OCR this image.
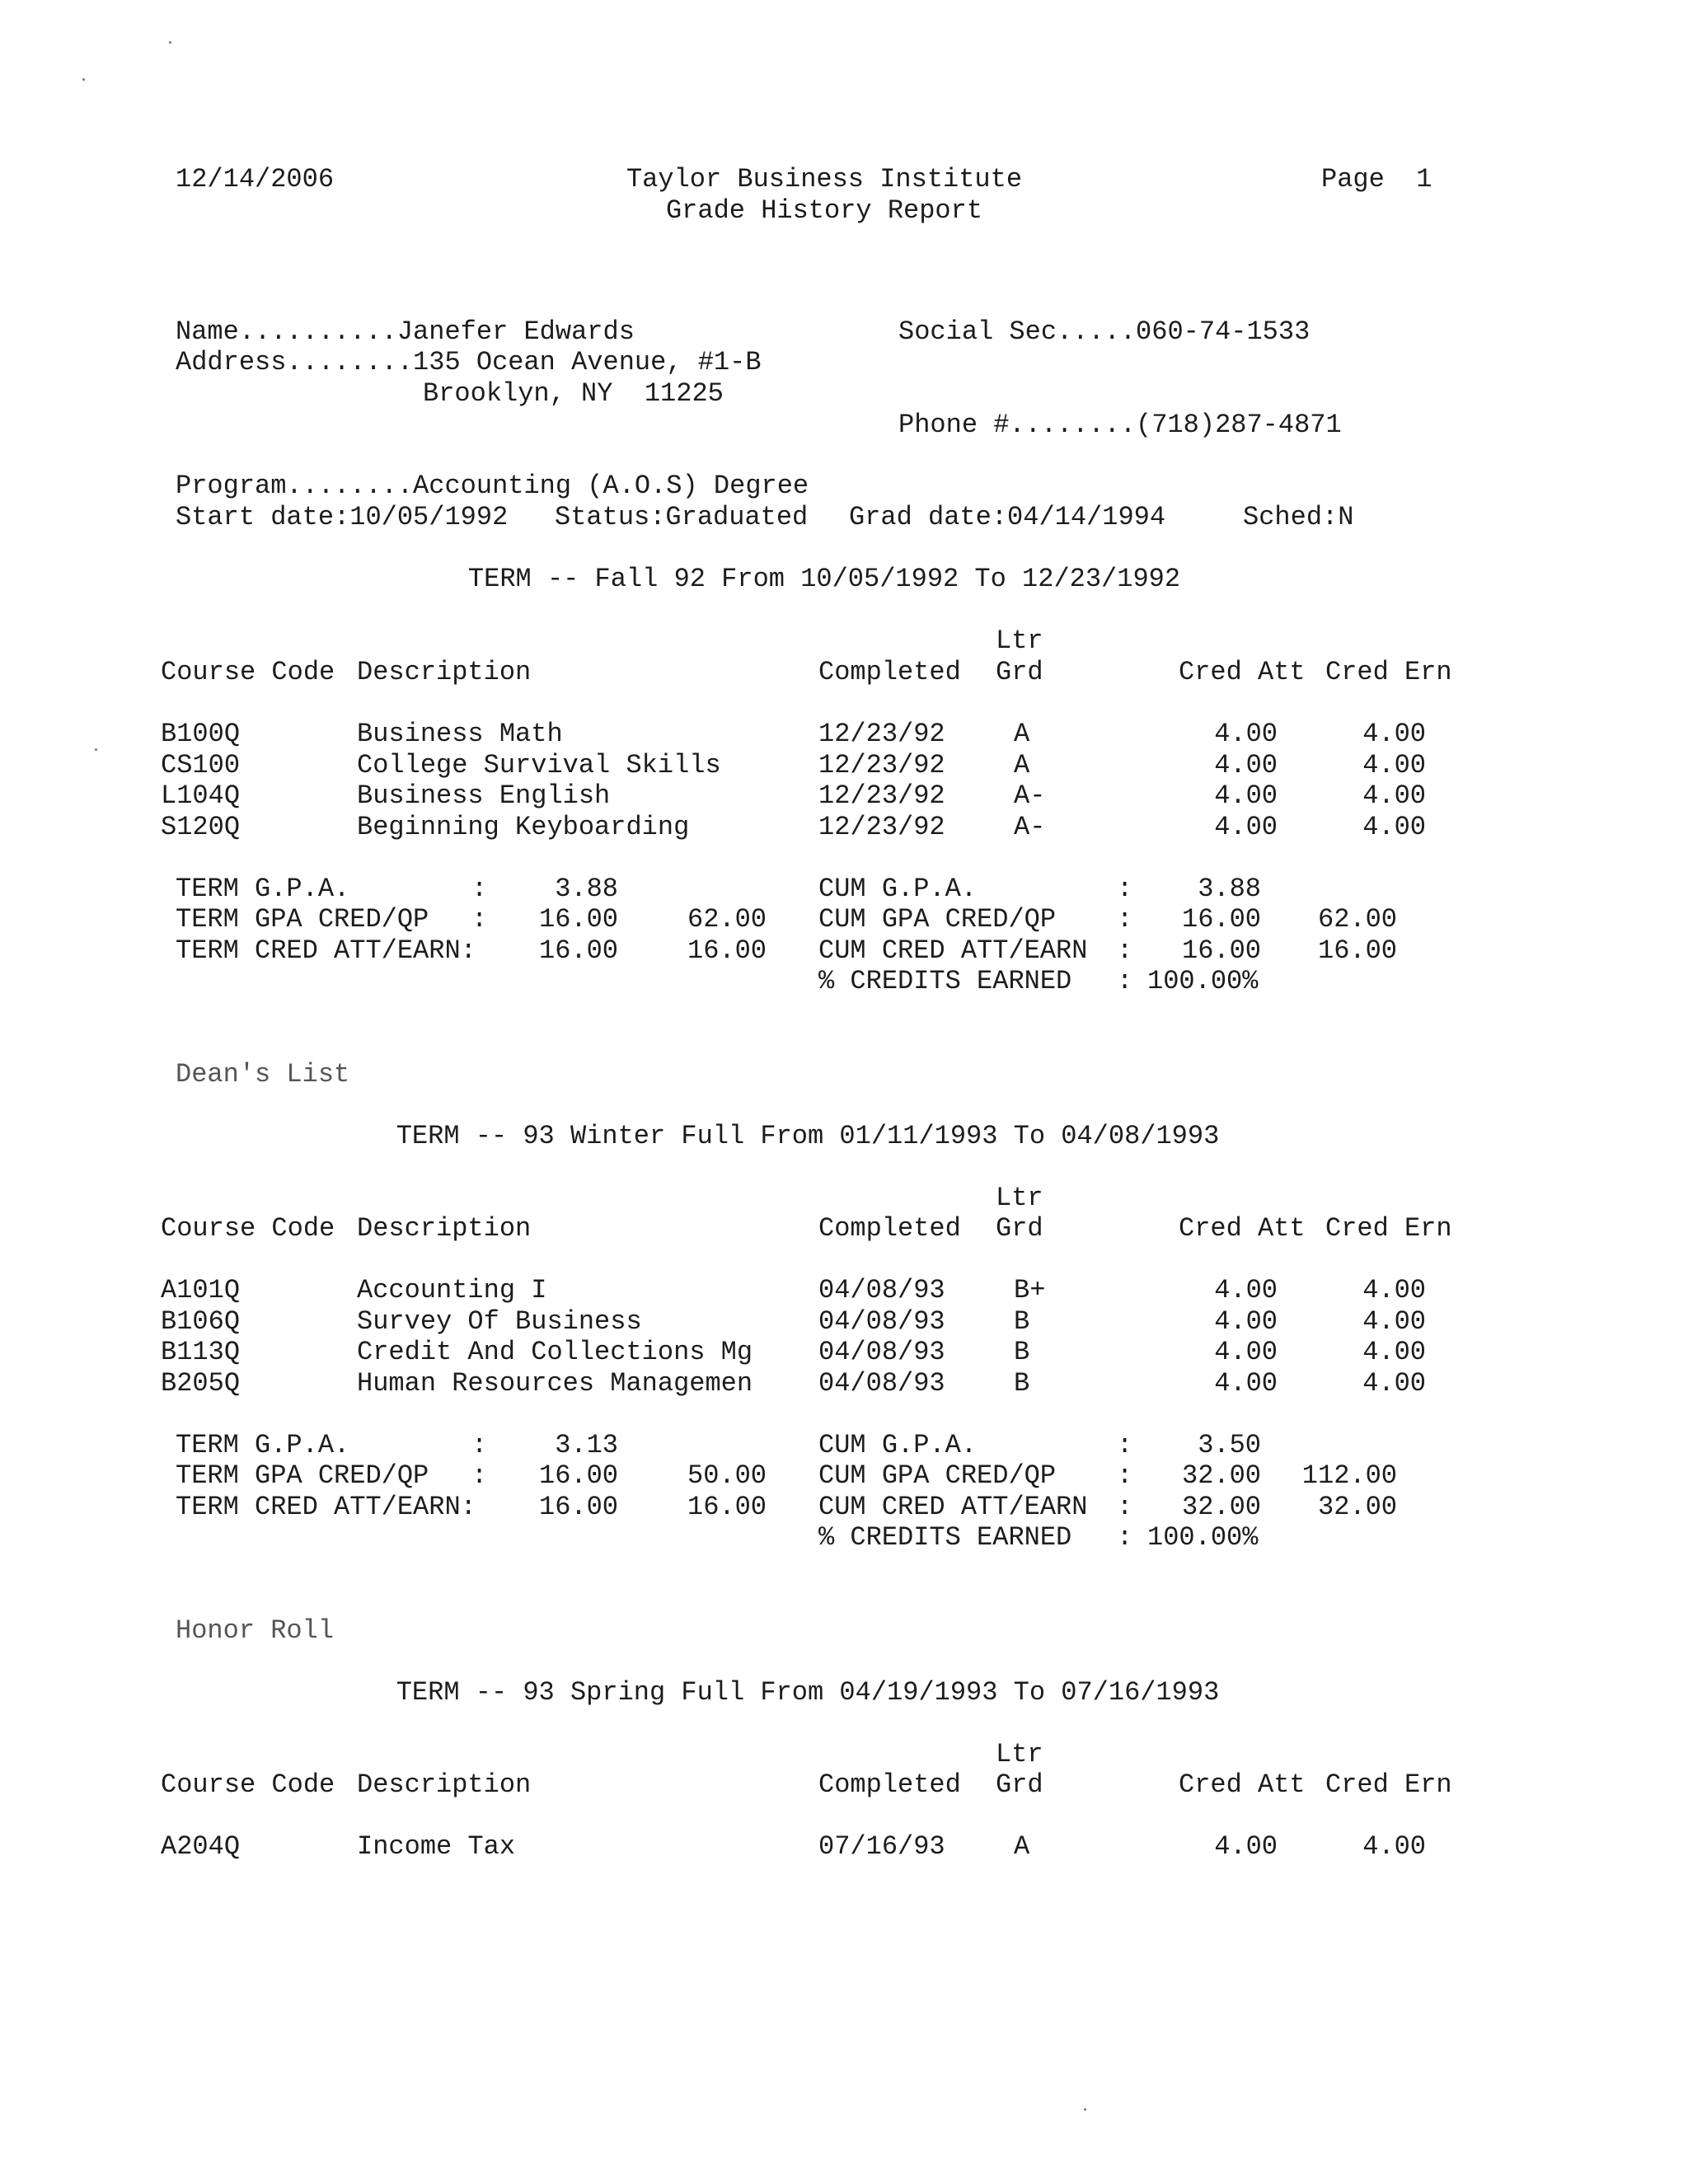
12/14/2006	Taylor Business Institute
Grade History Report
Page  1
Name..........Janefer Edwards	Social Sec.....060-74-1533
Address........135 Ocean Avenue, #1-B
Brooklyn, NY  11225
Phone #........(718)287-4871
Program........Accounting (A.O.S) Degree
Start date:10/05/1992 Status:Graduated Grad date:04/14/1994	Sched:N
TERM -- Fall 92 From 10/05/1992 To 12/23/1992
Ltr
Course Code Description	Completed Grd	Cred Att Cred Ern
B100Q	Business Math	12/23/92	A	4.00	4.00
CS100	College Survival Skills	12/23/92	A	4.00	4.00
L104Q	Business English	12/23/92	A-	4.00	4.00
S120Q	Beginning Keyboarding	12/23/92	A-	4.00	4.00
TERM G.P.A.	:	3.88
TERM GPA CRED/QP :	16.00	62.00
TERM CRED ATT/EARN:	16.00	16.00
CUM G.P.A.	:	3.88
CUM GPA CRED/QP :	16.00	62.00
CUM CRED ATT/EARN :	16.00	16.00
% CREDITS EARNED : 100.00%
Dean's List
TERM -- 93 Winter Full From 01/11/1993 To 04/08/1993
Ltr
Course Code Description	Completed Grd	Cred Att Cred Ern
A101Q	Accounting I	04/08/93	B+	4.00	4.00
B106Q	Survey Of Business	04/08/93	B	4.00	4.00
B113Q	Credit And Collections Mg 04/08/93	B	4.00	4.00
B205Q	Human Resources Managemen 04/08/93	B	4.00	4.00
TERM G.P.A.	:	3.13
TERM GPA CRED/QP :	16.00	50.00
TERM CRED ATT/EARN:	16.00	16.00
CUM G.P.A.	:	3.50
CUM GPA CRED/QP :	32.00	112.00
CUM CRED ATT/EARN :	32.00	32.00
% CREDITS EARNED : 100.00%
Honor Roll
TERM -- 93 Spring Full From 04/19/1993 To 07/16/1993
Ltr
Course Code Description	Completed Grd	Cred Att Cred Ern
A204Q	Income Tax	07/16/93	A	4.00	4.00
